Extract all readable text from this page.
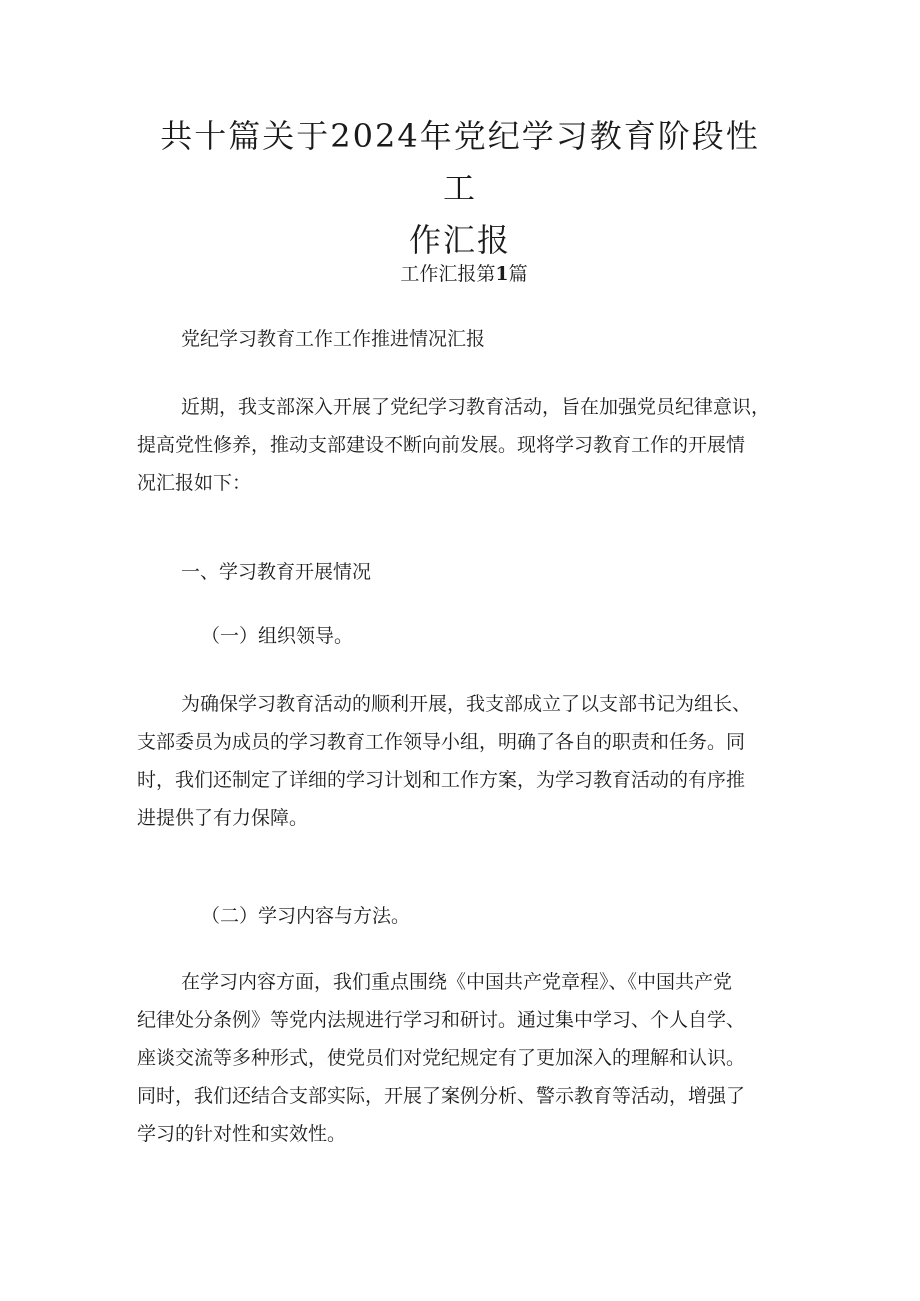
共十篇关于2024年党纪学习教育阶段性工
作汇报

工作汇报第1篇

党纪学习教育工作工作推进情况汇报

近期，我支部深入开展了党纪学习教育活动，旨在加强党员纪律意识，
提高党性修养，推动支部建设不断向前发展。现将学习教育工作的开展情
况汇报如下：

一、学习教育开展情况

（一）组织领导。

为确保学习教育活动的顺利开展，我支部成立了以支部书记为组长、
支部委员为成员的学习教育工作领导小组，明确了各自的职责和任务。同
时，我们还制定了详细的学习计划和工作方案，为学习教育活动的有序推
进提供了有力保障。

（二）学习内容与方法。

在学习内容方面，我们重点围绕《中国共产党章程》、《中国共产党
纪律处分条例》等党内法规进行学习和研讨。通过集中学习、个人自学、
座谈交流等多种形式，使党员们对党纪规定有了更加深入的理解和认识。
同时，我们还结合支部实际，开展了案例分析、警示教育等活动，增强了
学习的针对性和实效性。
